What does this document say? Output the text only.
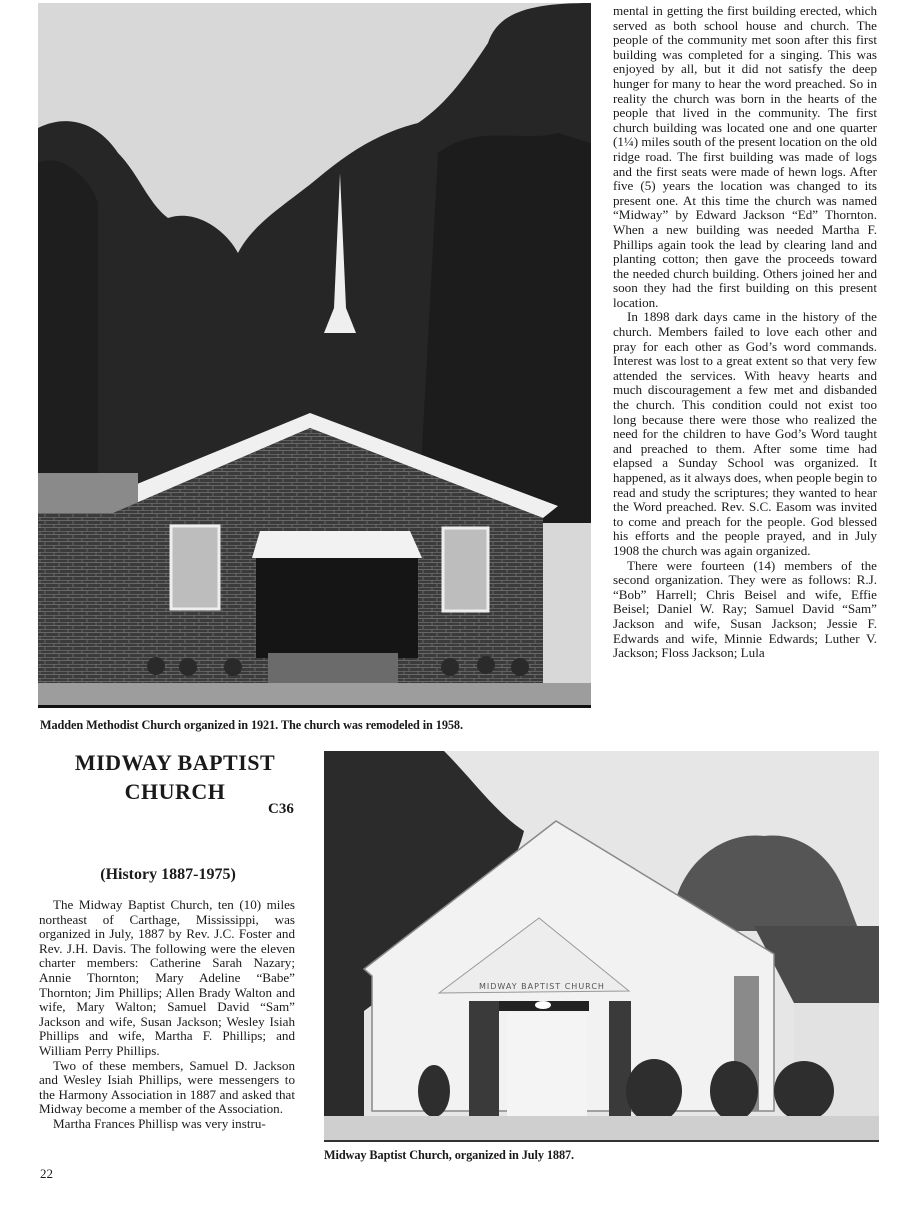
Madden Methodist Church organized in 1921. The church was remodeled in 1958.

mental in getting the first building erected, which served as both school house and church. The people of the community met soon after this first building was completed for a singing. This was enjoyed by all, but it did not satisfy the deep hunger for many to hear the word preached. So in reality the church was born in the hearts of the people that lived in the community. The first church building was located one and one quarter (1¼) miles south of the present location on the old ridge road. The first building was made of logs and the first seats were made of hewn logs. After five (5) years the location was changed to its present one. At this time the church was named “Midway” by Edward Jackson “Ed” Thornton. When a new building was needed Martha F. Phillips again took the lead by clearing land and planting cotton; then gave the proceeds toward the needed church building. Others joined her and soon they had the first building on this present location.

In 1898 dark days came in the history of the church. Members failed to love each other and pray for each other as God’s word commands. Interest was lost to a great extent so that very few attended the services. With heavy hearts and much discouragement a few met and disbanded the church. This condition could not exist too long because there were those who realized the need for the children to have God’s Word taught and preached to them. After some time had elapsed a Sunday School was organized. It happened, as it always does, when people begin to read and study the scriptures; they wanted to hear the Word preached. Rev. S.C. Easom was invited to come and preach for the people. God blessed his efforts and the people prayed, and in July 1908 the church was again organized.

There were fourteen (14) members of the second organization. They were as follows: R.J. “Bob” Harrell; Chris Beisel and wife, Effie Beisel; Daniel W. Ray; Samuel David “Sam” Jackson and wife, Susan Jackson; Jessie F. Edwards and wife, Minnie Edwards; Luther V. Jackson; Floss Jackson; Lula

MIDWAY BAPTIST
CHURCH
C36
(History 1887-1975)

The Midway Baptist Church, ten (10) miles northeast of Carthage, Mississippi, was organized in July, 1887 by Rev. J.C. Foster and Rev. J.H. Davis. The following were the eleven charter members: Catherine Sarah Nazary; Annie Thornton; Mary Adeline “Babe” Thornton; Jim Phillips; Allen Brady Walton and wife, Mary Walton; Samuel David “Sam” Jackson and wife, Susan Jackson; Wesley Isiah Phillips and wife, Martha F. Phillips; and William Perry Phillips.

Two of these members, Samuel D. Jackson and Wesley Isiah Phillips, were messengers to the Harmony Association in 1887 and asked that Midway become a member of the Association.

Martha Frances Phillisp was very instru-

MIDWAY BAPTIST CHURCH
Midway Baptist Church, organized in July 1887.
22
